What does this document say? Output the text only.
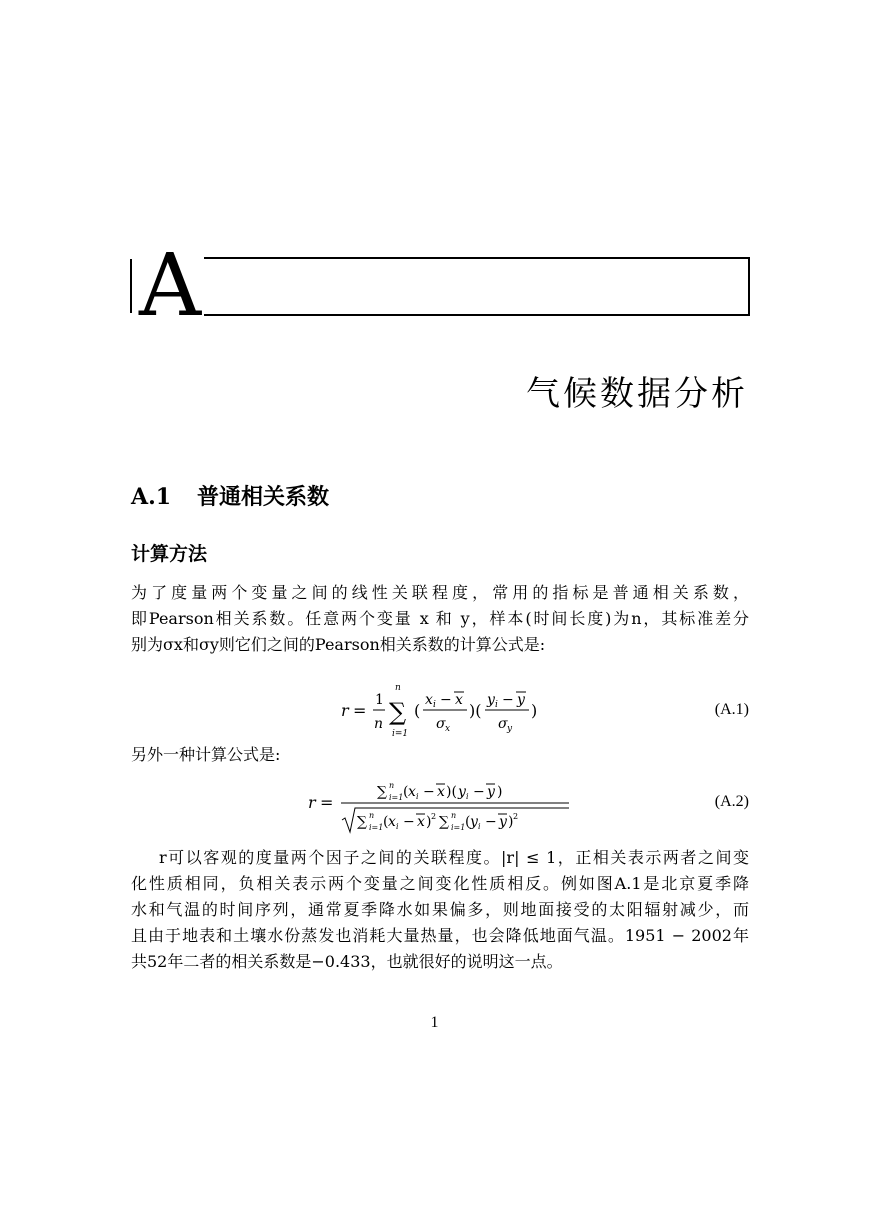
A
气候数据分析
A.1 普通相关系数
计算方法
为了度量两个变量之间的线性关联程度，常用的指标是普通相关系数，
即Pearson相关系数。任意两个变量 x 和 y，样本(时间长度)为n，其标准差分
别为σx和σy则它们之间的Pearson相关系数的计算公式是:
r =
1
n
n
∑
i=1
(
x i − x
σ x
)(
y i − y
σ y
)	(A.1)
另外一种计算公式是:
r =
∑ n
i=1 ( x i − x )( y i − y )
∑ n
i=1 ( x i − x ) 2 ∑ n
i=1 ( y i − y ) 2
(A.2)
r可以客观的度量两个因子之间的关联程度。|r| ≤ 1，正相关表示两者之间变
化性质相同，负相关表示两个变量之间变化性质相反。例如图A.1是北京夏季降
水和气温的时间序列，通常夏季降水如果偏多，则地面接受的太阳辐射减少，而
且由于地表和土壤水份蒸发也消耗大量热量，也会降低地面气温。1951 − 2002年
共52年二者的相关系数是−0.433，也就很好的说明这一点。
1
